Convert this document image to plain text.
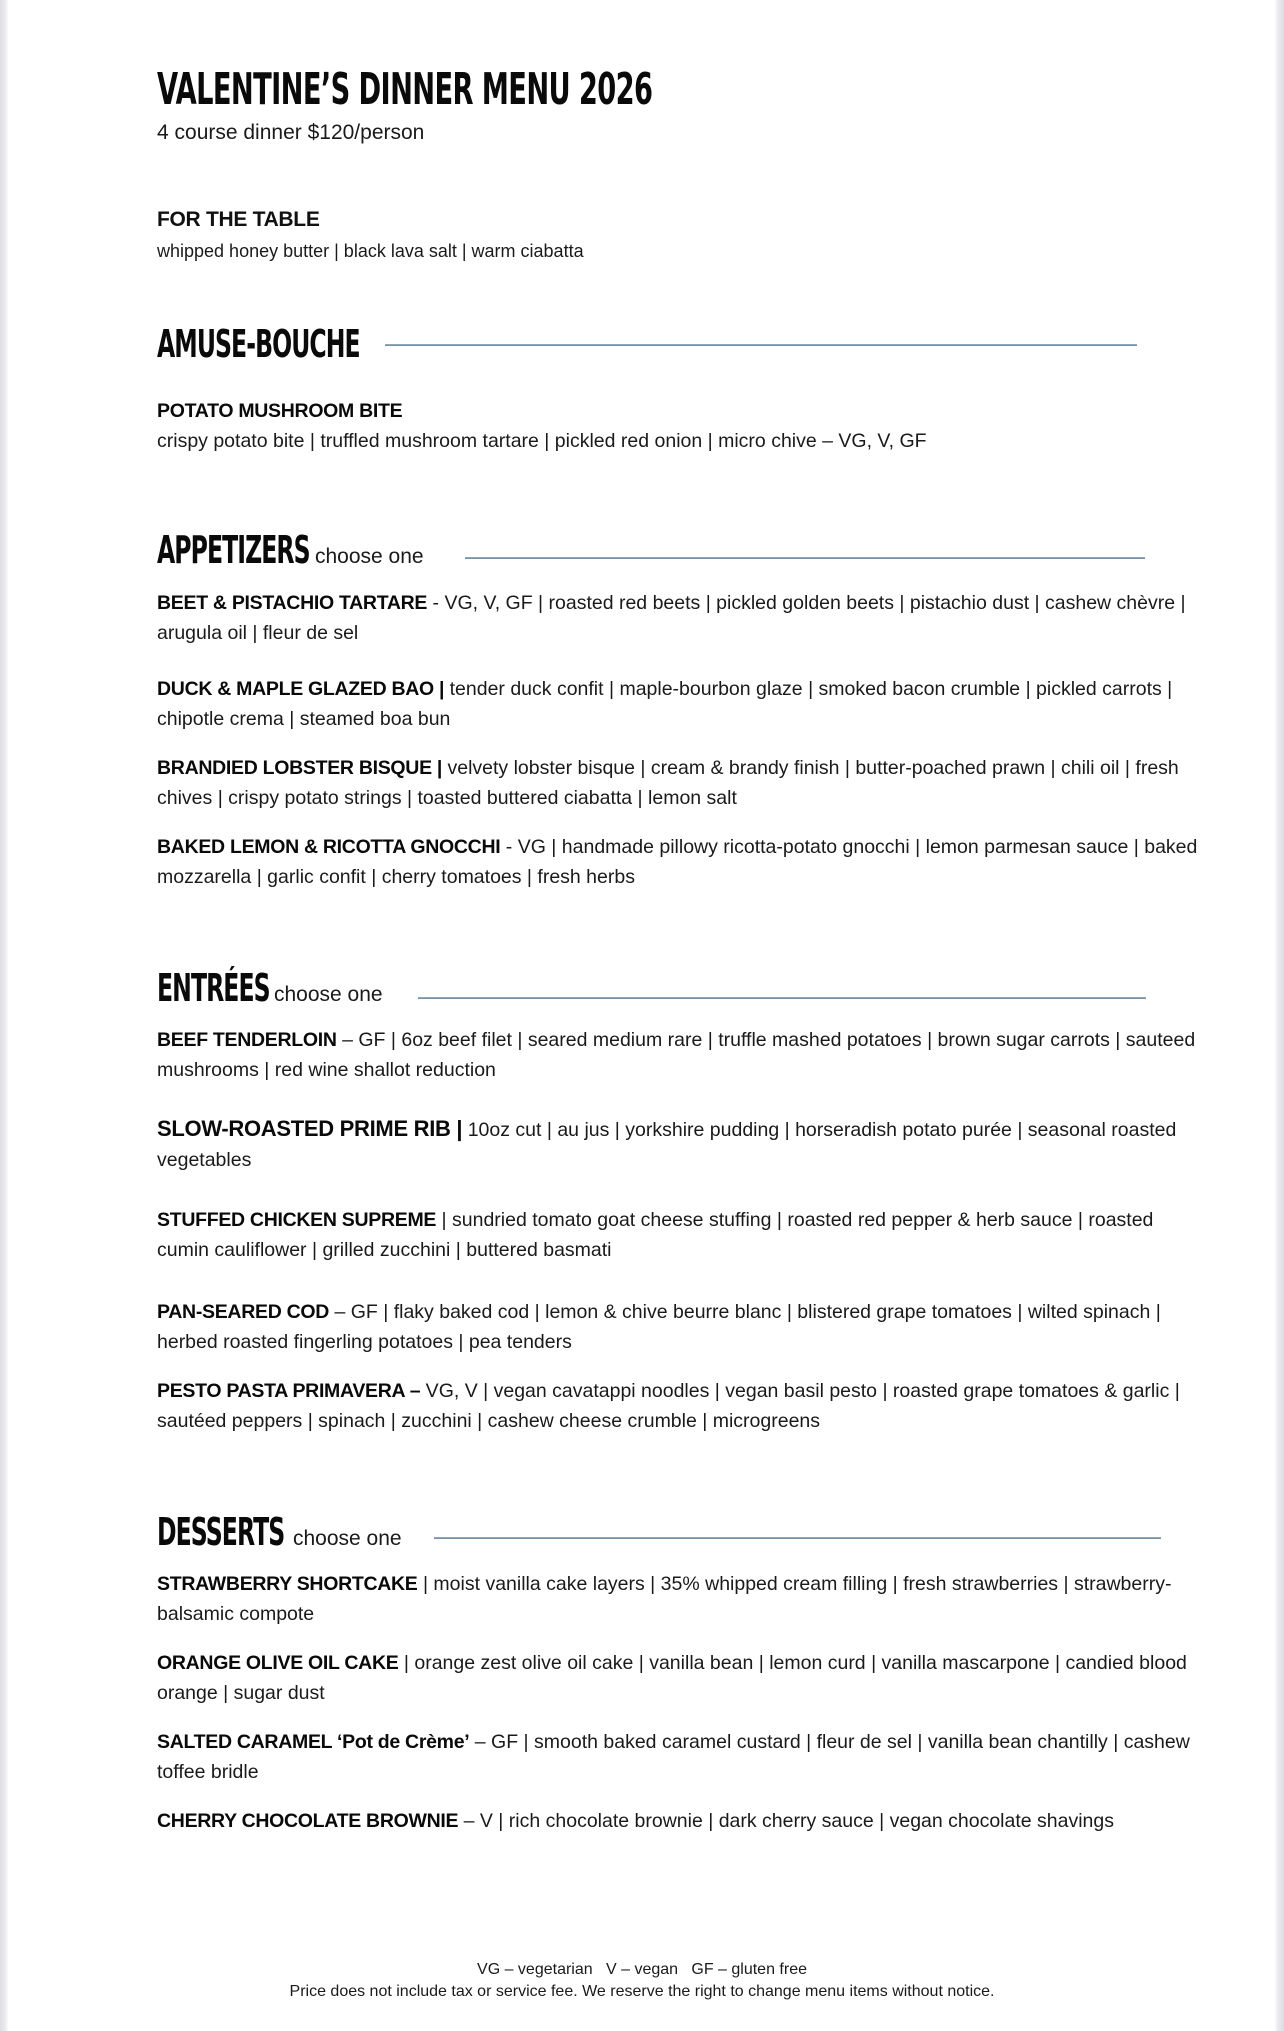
VALENTINE’S DINNER MENU 2026
4 course dinner $120/person
FOR THE TABLE
whipped honey butter | black lava salt | warm ciabatta
AMUSE-BOUCHE
POTATO MUSHROOM BITE
crispy potato bite | truffled mushroom tartare | pickled red onion | micro chive – VG, V, GF
APPETIZERS choose one
BEET & PISTACHIO TARTARE - VG, V, GF | roasted red beets | pickled golden beets | pistachio dust | cashew chèvre | arugula oil | fleur de sel
DUCK & MAPLE GLAZED BAO | tender duck confit | maple-bourbon glaze | smoked bacon crumble | pickled carrots | chipotle crema | steamed boa bun
BRANDIED LOBSTER BISQUE | velvety lobster bisque | cream & brandy finish | butter-poached prawn | chili oil | fresh chives | crispy potato strings | toasted buttered ciabatta | lemon salt
BAKED LEMON & RICOTTA GNOCCHI - VG | handmade pillowy ricotta-potato gnocchi | lemon parmesan sauce | baked mozzarella | garlic confit | cherry tomatoes | fresh herbs
ENTRÉES choose one
BEEF TENDERLOIN – GF | 6oz beef filet | seared medium rare | truffle mashed potatoes | brown sugar carrots | sauteed mushrooms | red wine shallot reduction
SLOW-ROASTED PRIME RIB | 10oz cut | au jus | yorkshire pudding | horseradish potato purée | seasonal roasted vegetables
STUFFED CHICKEN SUPREME | sundried tomato goat cheese stuffing | roasted red pepper & herb sauce | roasted cumin cauliflower | grilled zucchini | buttered basmati
PAN-SEARED COD – GF | flaky baked cod | lemon & chive beurre blanc | blistered grape tomatoes | wilted spinach | herbed roasted fingerling potatoes | pea tenders
PESTO PASTA PRIMAVERA – VG, V | vegan cavatappi noodles | vegan basil pesto | roasted grape tomatoes & garlic | sautéed peppers | spinach | zucchini | cashew cheese crumble | microgreens
DESSERTS choose one
STRAWBERRY SHORTCAKE | moist vanilla cake layers | 35% whipped cream filling | fresh strawberries | strawberry- balsamic compote
ORANGE OLIVE OIL CAKE | orange zest olive oil cake | vanilla bean | lemon curd | vanilla mascarpone | candied blood orange | sugar dust
SALTED CARAMEL ‘Pot de Crème’ – GF | smooth baked caramel custard | fleur de sel | vanilla bean chantilly | cashew toffee bridle
CHERRY CHOCOLATE BROWNIE – V | rich chocolate brownie | dark cherry sauce | vegan chocolate shavings
VG – vegetarian   V – vegan   GF – gluten free
Price does not include tax or service fee. We reserve the right to change menu items without notice.
